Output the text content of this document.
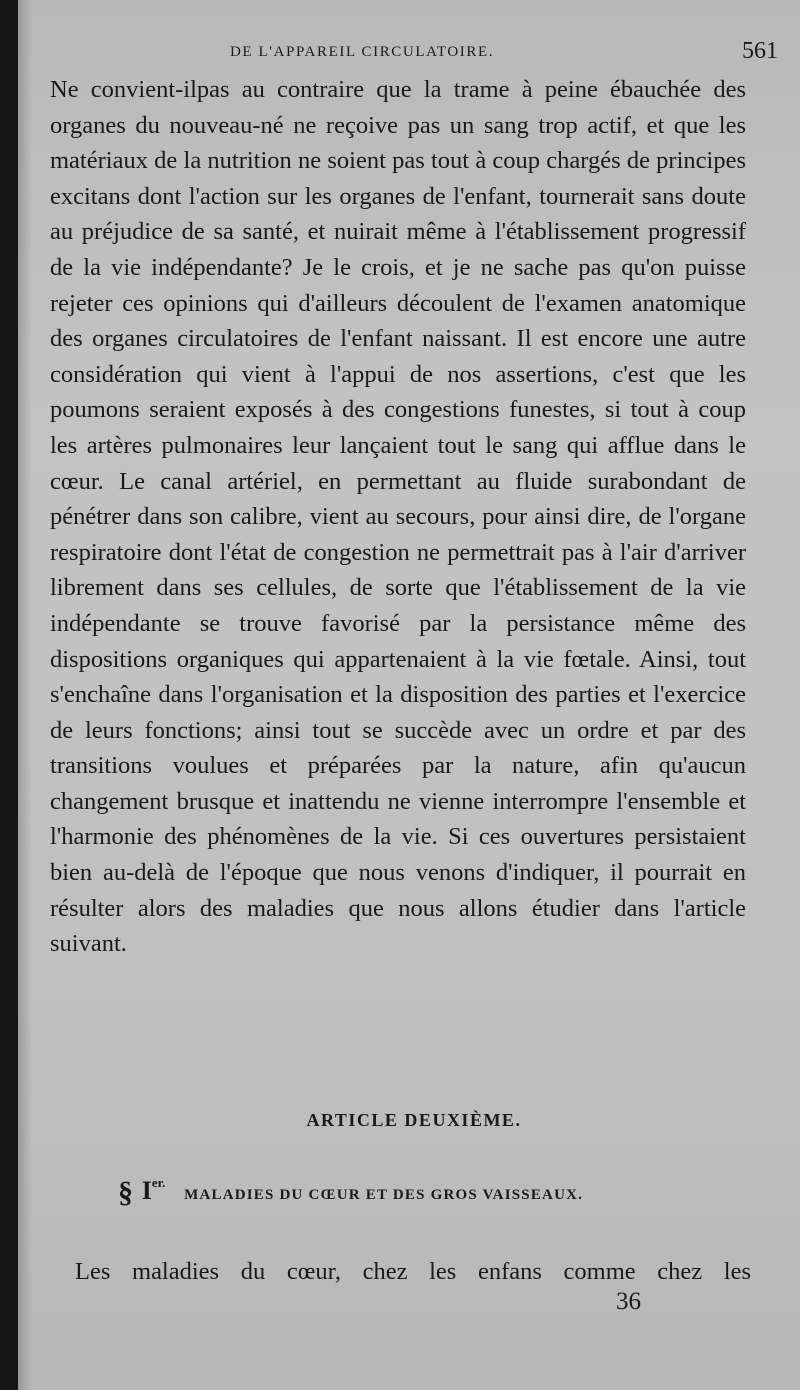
DE L'APPAREIL CIRCULATOIRE.	561

Ne convient-ilpas au contraire que la trame à peine ébauchée des organes du nouveau-né ne reçoive pas un sang trop actif, et que les matériaux de la nutrition ne soient pas tout à coup chargés de principes excitans dont l'action sur les organes de l'enfant, tournerait sans doute au préjudice de sa santé, et nuirait même à l'établissement progressif de la vie indépendante? Je le crois, et je ne sache pas qu'on puisse rejeter ces opinions qui d'ailleurs découlent de l'examen anatomique des organes circulatoires de l'enfant naissant. Il est encore une autre considération qui vient à l'appui de nos assertions, c'est que les poumons seraient exposés à des congestions funestes, si tout à coup les artères pulmonaires leur lançaient tout le sang qui afflue dans le cœur. Le canal artériel, en permettant au fluide surabondant de pénétrer dans son calibre, vient au secours, pour ainsi dire, de l'organe respiratoire dont l'état de congestion ne permettrait pas à l'air d'arriver librement dans ses cellules, de sorte que l'établissement de la vie indépendante se trouve favorisé par la persistance même des dispositions organiques qui appartenaient à la vie fœtale. Ainsi, tout s'enchaîne dans l'organisation et la disposition des parties et l'exercice de leurs fonctions; ainsi tout se succède avec un ordre et par des transitions voulues et préparées par la nature, afin qu'aucun changement brusque et inattendu ne vienne interrompre l'ensemble et l'harmonie des phénomènes de la vie. Si ces ouvertures persistaient bien au-delà de l'époque que nous venons d'indiquer, il pourrait en résulter alors des maladies que nous allons étudier dans l'article suivant.

ARTICLE DEUXIÈME.
§ $I^{er.}$ MALADIES DU CŒUR ET DES GROS VAISSEAUX.

Les maladies du cœur, chez les enfans comme chez les

36
